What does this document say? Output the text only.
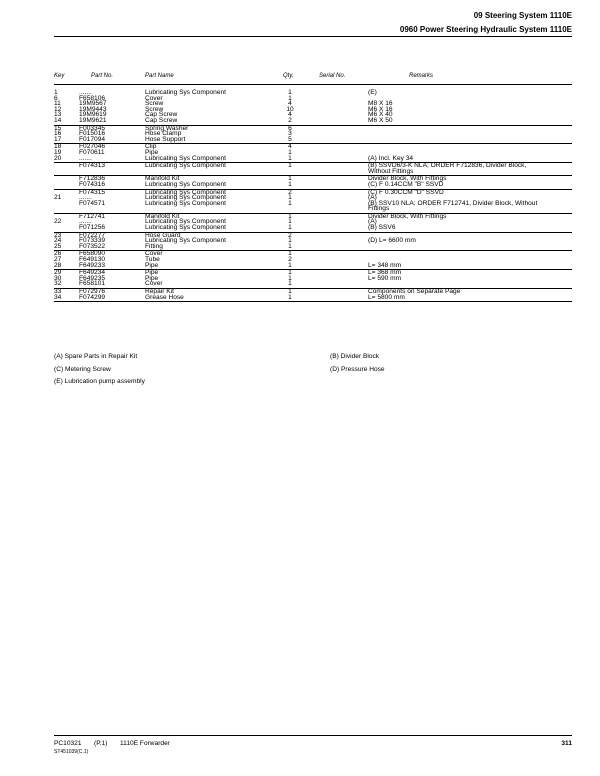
09 Steering System 1110E
0960 Power Steering Hydraulic System 1110E
Key	Part No.	Part Name	Qty.	Serial No.	Remarks
1	.......	Lubricating Sys Component	1	(E)
6	F658106	Cover	1
11	19M9567	Screw	4	M8 X 16
12	19M9443	Screw	10	M6 X 16
13	19M9619	Cap Screw	4	M6 X 40
14	19M9621	Cap Screw	2	M6 X 50
15	F003345	Spring Washer	6
16	F015016	Hose Clamp	3
17	F017094	Hose Support	5
18	F027046	Clip	4
19	F070611	Pipe	1
20	.......	Lubricating Sys Component	1	(A) Incl. Key 34
F074313	Lubricating Sys Component	1	(B) SSVD6/3-K NLA; ORDER F712836, Divider Block,
Without Fittings
F712836	Manifold Kit	1	Divider Block, With Fittings
F074316	Lubricating Sys Component	1	(C) F 0.14CCM "B" SSVD
F074315	Lubricating Sys Component	2	(C) F 0.30CCM "D" SSVD
21	.......	Lubricating Sys Component	1	(A)
F074571	Lubricating Sys Component	1	(B) SSV10 NLA; ORDER F712741, Divider Block, Without
Fittings
F712741	Manifold Kit	1	Divider Block, With Fittings
22	.......	Lubricating Sys Component	1	(A)
F071256	Lubricating Sys Component	1	(B) SSV6
23	F072277	Hose Guard	2
24	F073339	Lubricating Sys Component	1	(D) L= 6600 mm
25	F073522	Fitting	1
26	F658090	Cover	1
27	F649130	Tube	2
28	F649233	Pipe	1	L= 348 mm
29	F649234	Pipe	1	L= 368 mm
30	F649235	Pipe	1	L= 590 mm
32	F658101	Cover	1
33	F072976	Repair Kit	1	Components on Separate Page
34	F074299	Grease Hose	1	L= 5800 mm
(A) Spare Parts in Repair Kit	(B) Divider Block
(C) Metering Screw	(D) Pressure Hose
(E) Lubrication pump assembly
PC10321 (P.1) 1110E Forwarder	311
ST451039(C.1)
